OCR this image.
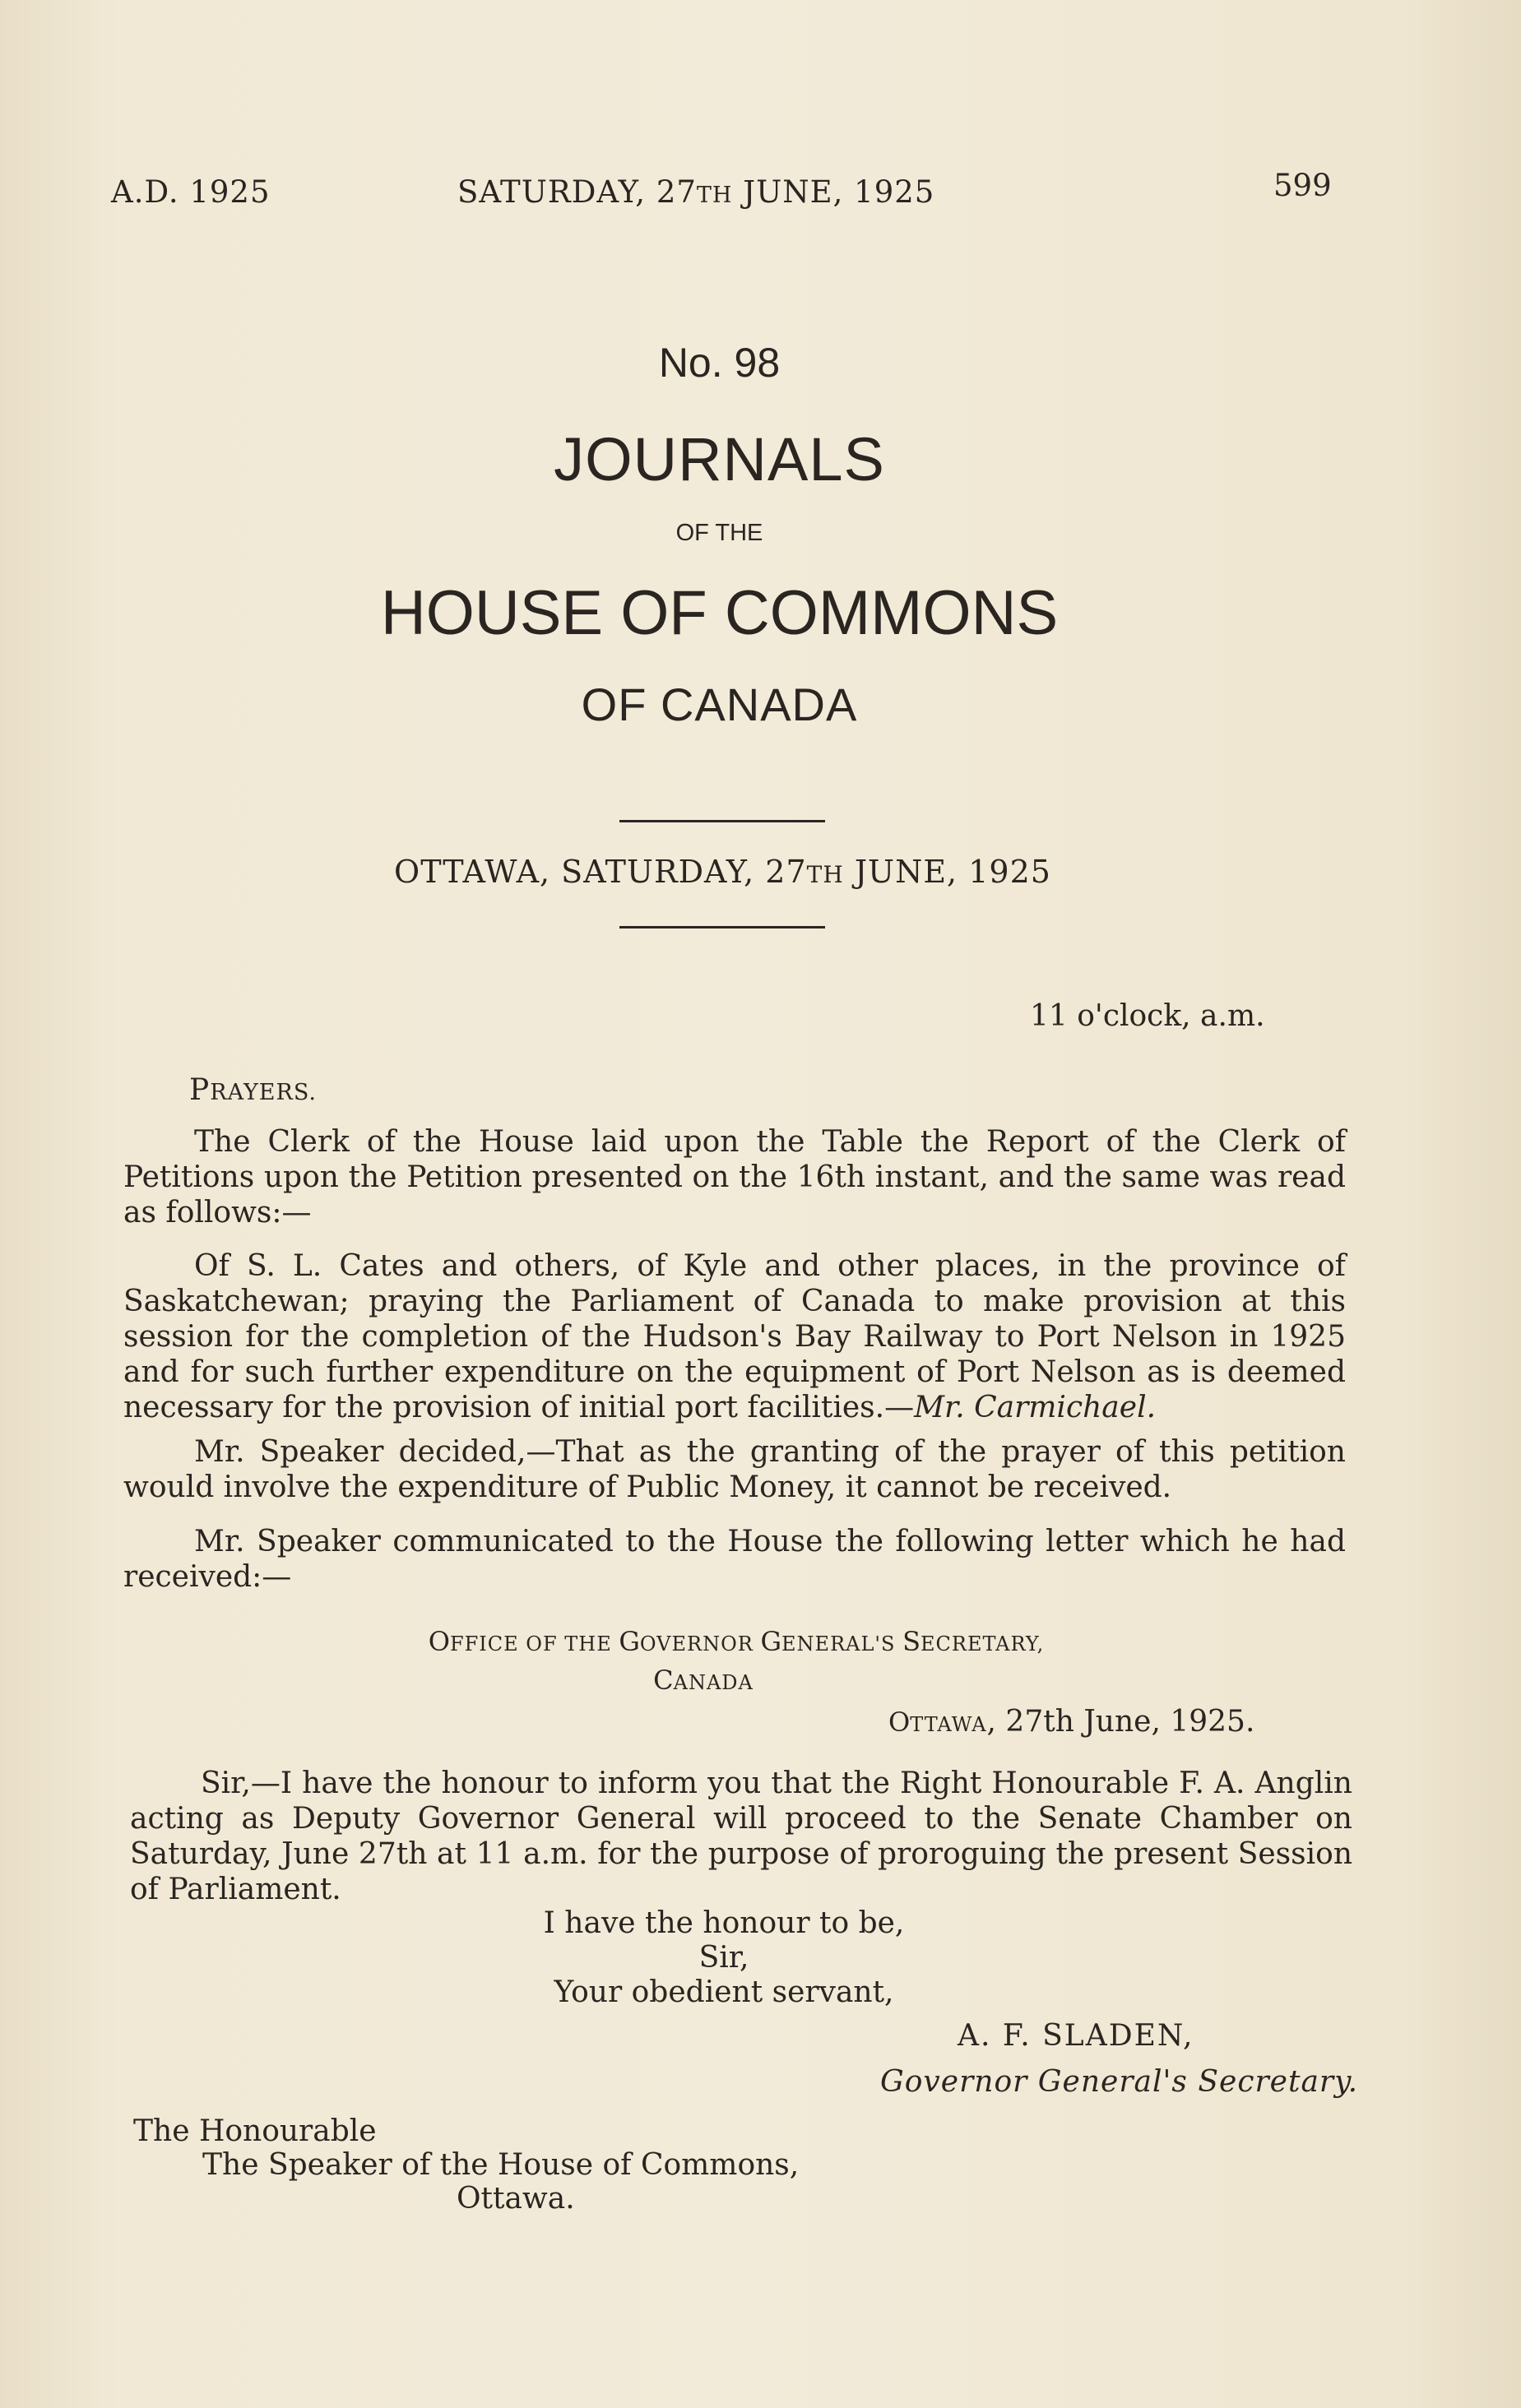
A.D. 1925	SATURDAY, 27TH JUNE, 1925	599
No. 98
JOURNALS
OF THE
HOUSE OF COMMONS
OF CANADA
OTTAWA, SATURDAY, 27TH JUNE, 1925
11 o'clock, a.m.
PRAYERS.
The Clerk of the House laid upon the Table the Report of the Clerk of Petitions upon the Petition presented on the 16th instant, and the same was read as follows:—
Of S. L. Cates and others, of Kyle and other places, in the province of Saskatchewan; praying the Parliament of Canada to make provision at this session for the completion of the Hudson's Bay Railway to Port Nelson in 1925 and for such further expenditure on the equipment of Port Nelson as is deemed necessary for the provision of initial port facilities.—Mr. Carmichael.
Mr. Speaker decided,—That as the granting of the prayer of this petition would involve the expenditure of Public Money, it cannot be received.
Mr. Speaker communicated to the House the following letter which he had received:—
OFFICE OF THE GOVERNOR GENERAL'S SECRETARY,
CANADA
OTTAWA, 27th June, 1925.
Sir,—I have the honour to inform you that the Right Honourable F. A. Anglin acting as Deputy Governor General will proceed to the Senate Chamber on Saturday, June 27th at 11 a.m. for the purpose of proroguing the present Session of Parliament.
I have the honour to be,
Sir,
Your obedient servant,
A. F. SLADEN,
Governor General's Secretary.
The Honourable
The Speaker of the House of Commons,
Ottawa.
